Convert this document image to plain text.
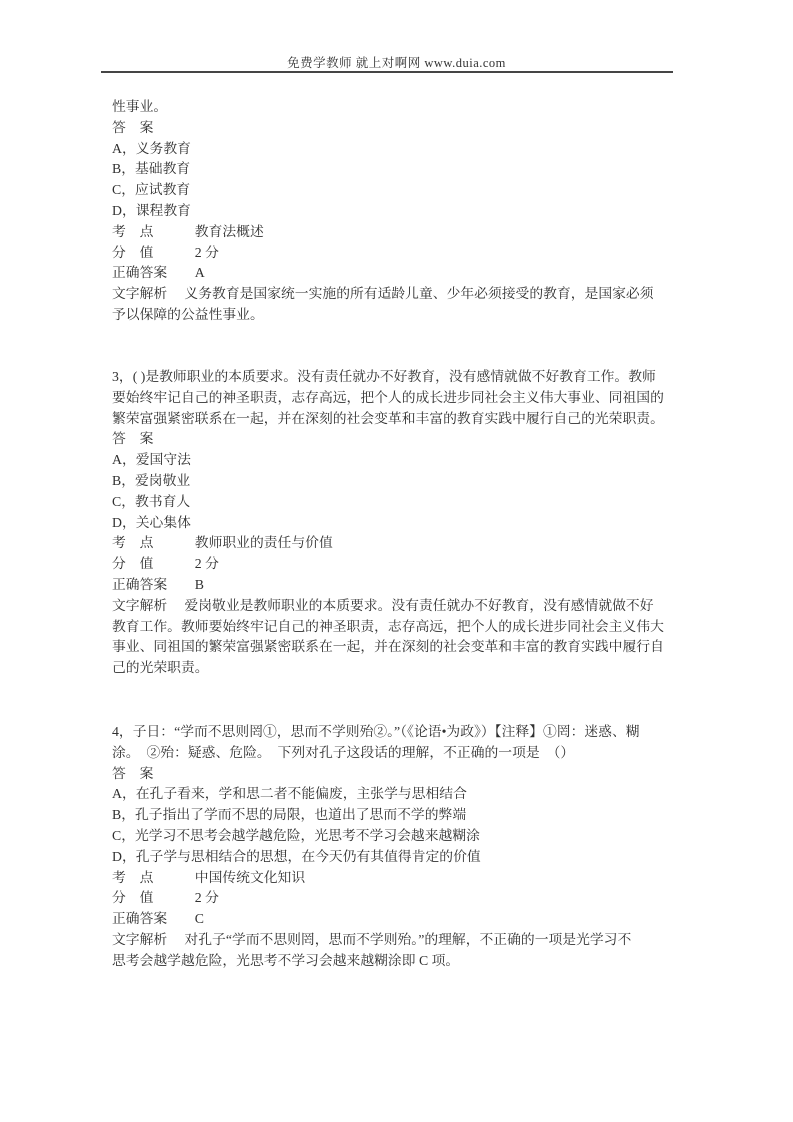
免费学教师 就上对啊网 www.duia.com
性事业。
答　案
A，义务教育
B，基础教育
C，应试教育
D，课程教育
考　点　　　教育法概述
分　值　　　2 分
正确答案　　A
文字解析　 义务教育是国家统一实施的所有适龄儿童、少年必须接受的教育，是国家必须
予以保障的公益性事业。
3，( )是教师职业的本质要求。没有责任就办不好教育，没有感情就做不好教育工作。教师
要始终牢记自己的神圣职责，志存高远，把个人的成长进步同社会主义伟大事业、同祖国的
繁荣富强紧密联系在一起，并在深刻的社会变革和丰富的教育实践中履行自己的光荣职责。
答　案
A，爱国守法
B，爱岗敬业
C，教书育人
D，关心集体
考　点　　　教师职业的责任与价值
分　值　　　2 分
正确答案　　B
文字解析　 爱岗敬业是教师职业的本质要求。没有责任就办不好教育，没有感情就做不好
教育工作。教师要始终牢记自己的神圣职责，志存高远，把个人的成长进步同社会主义伟大
事业、同祖国的繁荣富强紧密联系在一起，并在深刻的社会变革和丰富的教育实践中履行自
己的光荣职责。
4，子日：“学而不思则罔①，思而不学则殆②。”（《论语•为政》）【注释】①罔：迷惑、糊
涂。　②殆：疑惑、危险。　下列对孔子这段话的理解，不正确的一项是　（）
答　案
A，在孔子看来，学和思二者不能偏废，主张学与思相结合
B，孔子指出了学而不思的局限，也道出了思而不学的弊端
C，光学习不思考会越学越危险，光思考不学习会越来越糊涂
D，孔子学与思相结合的思想，在今天仍有其值得肯定的价值
考　点　　　中国传统文化知识
分　值　　　2 分
正确答案　　C
文字解析　 对孔子“学而不思则罔，思而不学则殆。”的理解，不正确的一项是光学习不
思考会越学越危险，光思考不学习会越来越糊涂即 C 项。
